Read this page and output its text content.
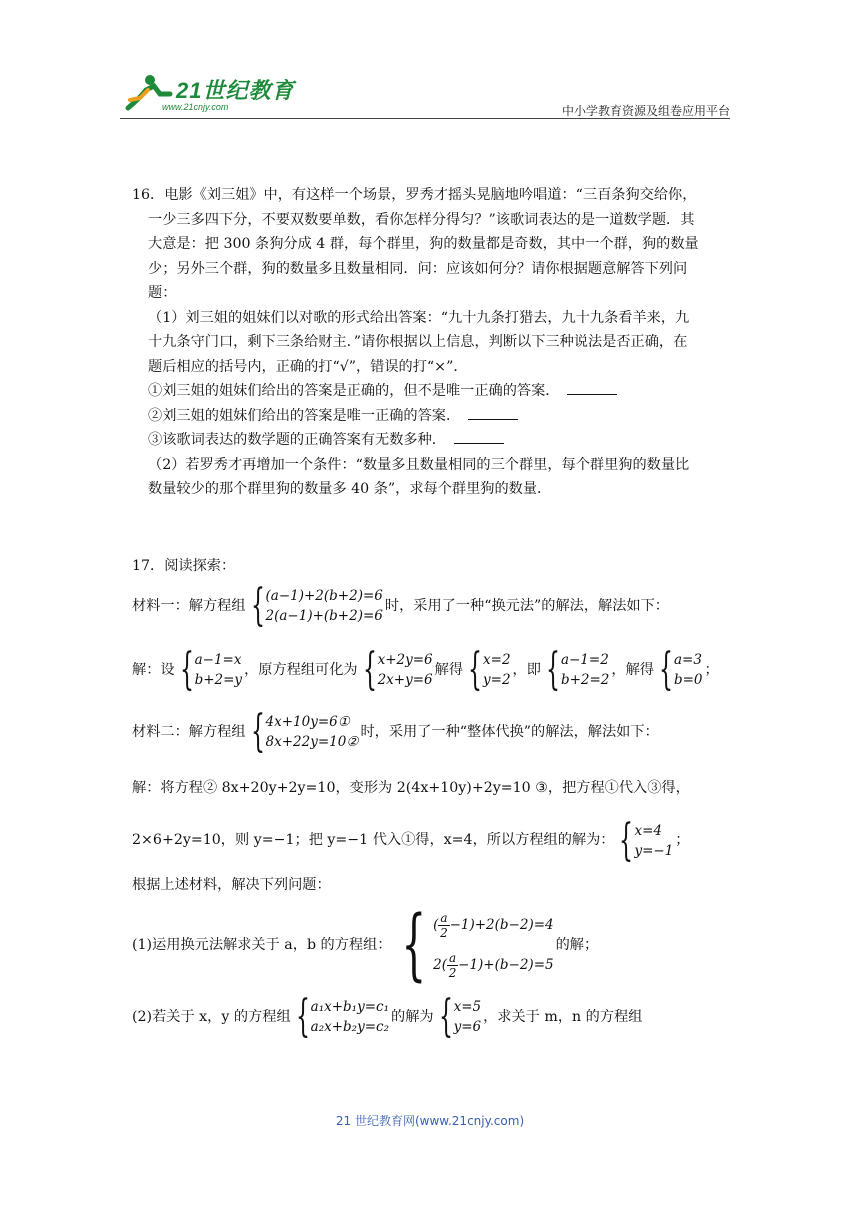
21世纪教育
www.21cnjy.com	中小学教育资源及组卷应用平台

16．电影《刘三姐》中，有这样一个场景，罗秀才摇头晃脑地吟唱道：“三百条狗交给你，

一少三多四下分，不要双数要单数，看你怎样分得匀？”该歌词表达的是一道数学题．其

大意是：把 300 条狗分成 4 群，每个群里，狗的数量都是奇数，其中一个群，狗的数量

少；另外三个群，狗的数量多且数量相同．问：应该如何分？请你根据题意解答下列问

题：

（1）刘三姐的姐妹们以对歌的形式给出答案：“九十九条打猎去，九十九条看羊来，九

十九条守门口，剩下三条给财主．”请你根据以上信息，判断以下三种说法是否正确，在

题后相应的括号内，正确的打“√”，错误的打“×”．

①刘三姐的姐妹们给出的答案是正确的，但不是唯一正确的答案．

②刘三姐的姐妹们给出的答案是唯一正确的答案．

③该歌词表达的数学题的正确答案有无数多种．

（2）若罗秀才再增加一个条件：“数量多且数量相同的三个群里，每个群里狗的数量比

数量较少的那个群里狗的数量多 40 条”，求每个群里狗的数量．

17．阅读探索：

材料一：解方程组 { (a−1)+2(b+2)=6
2(a−1)+(b+2)=6
时，采用了一种“换元法”的解法，解法如下：
解：设 { a−1=x
b+2=y
，原方程组可化为 { x+2y=6
2x+y=6
解得 { x=2
y=2
，即 { a−1=2
b+2=2
，解得 { a=3
b=0
；
材料二：解方程组 { 4x+10y=6①
8x+22y=10②
时，采用了一种“整体代换”的解法，解法如下：

解：将方程② 8x+20y+2y=10，变形为 2(4x+10y)+2y=10 ③，把方程①代入③得，

2×6+2y=10，则 y=−1；把 y=−1 代入①得，x=4，所以方程组的解为： { x=4
y=−1
；

根据上述材料，解决下列问题：

(1)运用换元法解求关于 a，b 的方程组： { ( $\frac{a}{2} -1)+2(b-2)=4$
$2( \frac{a}{2} -1)+(b-2)=5$
的解；
(2)若关于 x，y 的方程组 { a₁x+b₁y=c₁
a₂x+b₂y=c₂
的解为 { x=5
y=6
，求关于 m，n 的方程组
21 世纪教育网(www.21cnjy.com)
